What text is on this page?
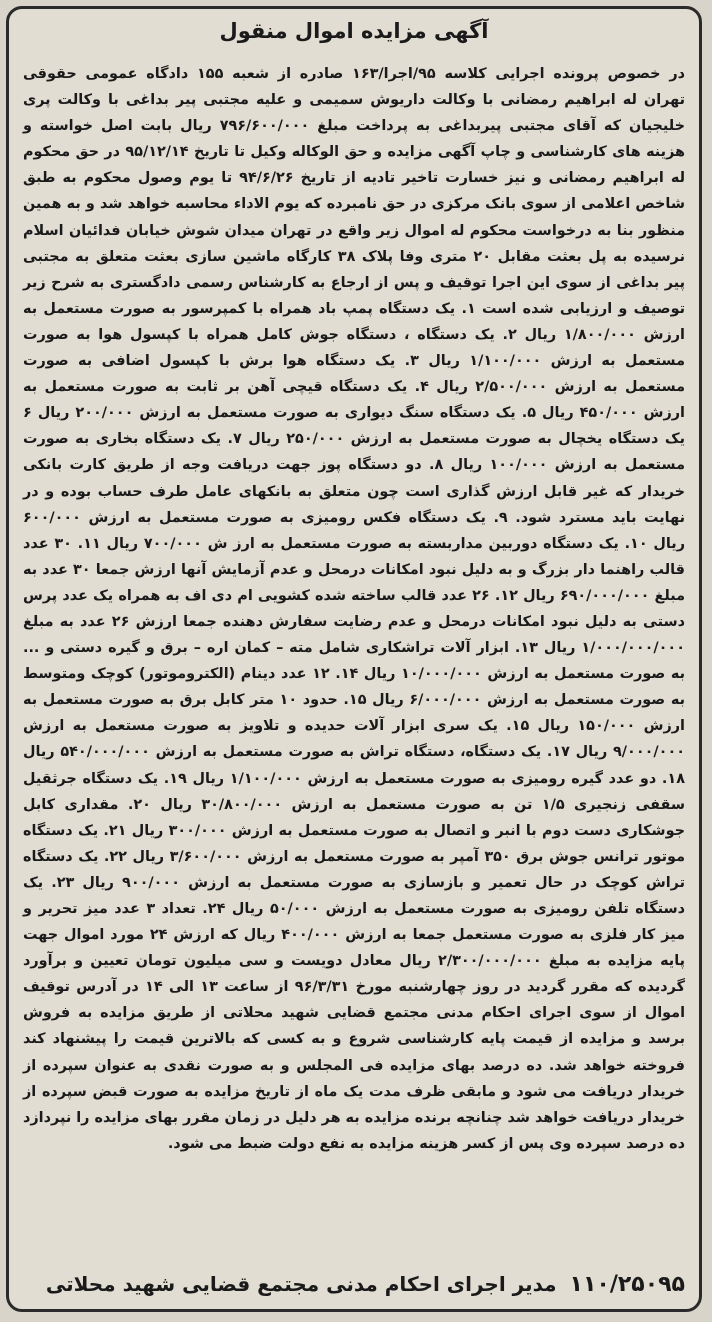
آگهی مزایده اموال منقول
در خصوص پرونده اجرایی کلاسه ۹۵/اجرا/۱۶۳ صادره از شعبه ۱۵۵ دادگاه عمومی حقوقی تهران له ابراهیم رمضانی با وکالت داریوش سمیمی و علیه مجتبی پیر بداغی با وکالت پری خلیجیان که آقای مجتبی پیربداغی به پرداخت مبلغ ۷۹۶/۶۰۰/۰۰۰ ریال بابت اصل خواسته و هزینه های کارشناسی و چاپ آگهی مزایده و حق الوکاله وکیل تا تاریخ ۹۵/۱۲/۱۴ در حق محکوم له ابراهیم رمضانی و نیز خسارت تاخیر تادیه از تاریخ ۹۴/۶/۲۶ تا یوم وصول محکوم به طبق شاخص اعلامی از سوی بانک مرکزی در حق نامبرده که یوم الاداء محاسبه خواهد شد و به همین منظور بنا به درخواست محکوم له اموال زیر واقع در تهران میدان شوش خیابان فدائیان اسلام نرسیده به پل بعثت مقابل ۲۰ متری وفا پلاک ۳۸ کارگاه ماشین سازی بعثت متعلق به مجتبی پیر بداغی از سوی این اجرا توقیف و پس از ارجاع به کارشناس رسمی دادگستری به شرح زیر توصیف و ارزیابی شده است ۱. یک دستگاه پمپ باد همراه با کمپرسور به صورت مستعمل به ارزش ۱/۸۰۰/۰۰۰ ریال ۲. یک دستگاه ، دستگاه جوش کامل همراه با کپسول هوا به صورت مستعمل به ارزش ۱/۱۰۰/۰۰۰ ریال ۳. یک دستگاه هوا برش با کپسول اضافی به صورت مستعمل به ارزش ۲/۵۰۰/۰۰۰ ریال ۴. یک دستگاه قیچی آهن بر ثابت به صورت مستعمل به ارزش ۴۵۰/۰۰۰ ریال ۵. یک دستگاه سنگ دیواری به صورت مستعمل به ارزش ۲۰۰/۰۰۰ ریال ۶ یک دستگاه یخچال به صورت مستعمل به ارزش ۲۵۰/۰۰۰ ریال ۷. یک دستگاه بخاری به صورت مستعمل به ارزش ۱۰۰/۰۰۰ ریال ۸. دو دستگاه پوز جهت دریافت وجه از طریق کارت بانکی خریدار که غیر قابل ارزش گذاری است چون متعلق به بانکهای عامل طرف حساب بوده و در نهایت باید مسترد شود. ۹. یک دستگاه فکس رومیزی به صورت مستعمل به ارزش ۶۰۰/۰۰۰ ریال ۱۰. یک دستگاه دوربین مداربسته به صورت مستعمل به ارز ش ۷۰۰/۰۰۰ ریال ۱۱. ۳۰ عدد قالب راهنما دار بزرگ و به دلیل نبود امکانات درمحل و عدم آزمایش آنها ارزش جمعا ۳۰ عدد به مبلغ ۶۹۰/۰۰۰/۰۰۰ ریال ۱۲. ۲۶ عدد قالب ساخته شده کشویی ام دی اف به همراه یک عدد پرس دستی به دلیل نبود امکانات درمحل و عدم رضایت سفارش دهنده جمعا ارزش ۲۶ عدد به مبلغ ۱/۰۰۰/۰۰۰/۰۰۰ ریال ۱۳. ابزار آلات تراشکاری شامل مته – کمان اره – برق و گیره دستی و ... به صورت مستعمل به ارزش ۱۰/۰۰۰/۰۰۰ ریال ۱۴. ۱۲ عدد دینام (الکتروموتور) کوچک ومتوسط به صورت مستعمل به ارزش ۶/۰۰۰/۰۰۰ ریال ۱۵. حدود ۱۰ متر کابل برق به صورت مستعمل به ارزش ۱۵۰/۰۰۰ ریال ۱۵. یک سری ابزار آلات حدیده و تلاویز به صورت مستعمل به ارزش ۹/۰۰۰/۰۰۰ ریال ۱۷. یک دستگاه، دستگاه تراش به صورت مستعمل به ارزش ۵۴۰/۰۰۰/۰۰۰ ریال ۱۸. دو عدد گیره رومیزی به صورت مستعمل به ارزش ۱/۱۰۰/۰۰۰ ریال ۱۹. یک دستگاه جرثقیل سقفی زنجیری ۱/۵ تن به صورت مستعمل به ارزش ۳۰/۸۰۰/۰۰۰ ریال ۲۰. مقداری کابل جوشکاری دست دوم با انبر و اتصال به صورت مستعمل به ارزش ۳۰۰/۰۰۰ ریال ۲۱. یک دستگاه موتور ترانس جوش برق ۳۵۰ آمپر به صورت مستعمل به ارزش ۳/۶۰۰/۰۰۰ ریال ۲۲. یک دستگاه تراش کوچک در حال تعمیر و بازسازی به صورت مستعمل به ارزش ۹۰۰/۰۰۰ ریال ۲۳. یک دستگاه تلفن رومیزی به صورت مستعمل به ارزش ۵۰/۰۰۰ ریال ۲۴. تعداد ۳ عدد میز تحریر و میز کار فلزی به صورت مستعمل جمعا به ارزش ۴۰۰/۰۰۰ ریال که ارزش ۲۴ مورد اموال جهت پایه مزایده به مبلغ ۲/۳۰۰/۰۰۰/۰۰۰ ریال معادل دویست و سی میلیون تومان تعیین و برآورد گردیده که مقرر گردید در روز چهارشنبه مورخ ۹۶/۳/۳۱ از ساعت ۱۳ الی ۱۴ در آدرس توقیف اموال از سوی اجرای احکام مدنی مجتمع قضایی شهید محلاتی از طریق مزایده به فروش برسد و مزایده از قیمت پایه کارشناسی شروع و به کسی که بالاترین قیمت را پیشنهاد کند فروخته خواهد شد. ده درصد بهای مزایده فی المجلس و به صورت نقدی به عنوان سپرده از خریدار دریافت می شود و مابقی ظرف مدت یک ماه از تاریخ مزایده به صورت قبض سپرده از خریدار دریافت خواهد شد چنانچه برنده مزایده به هر دلیل در زمان مقرر بهای مزایده را نپردازد ده درصد سپرده وی پس از کسر هزینه مزایده به نفع دولت ضبط می شود.
۱۱۰/۲۵۰۹۵ مدیر اجرای احکام مدنی مجتمع قضایی شهید محلاتی
